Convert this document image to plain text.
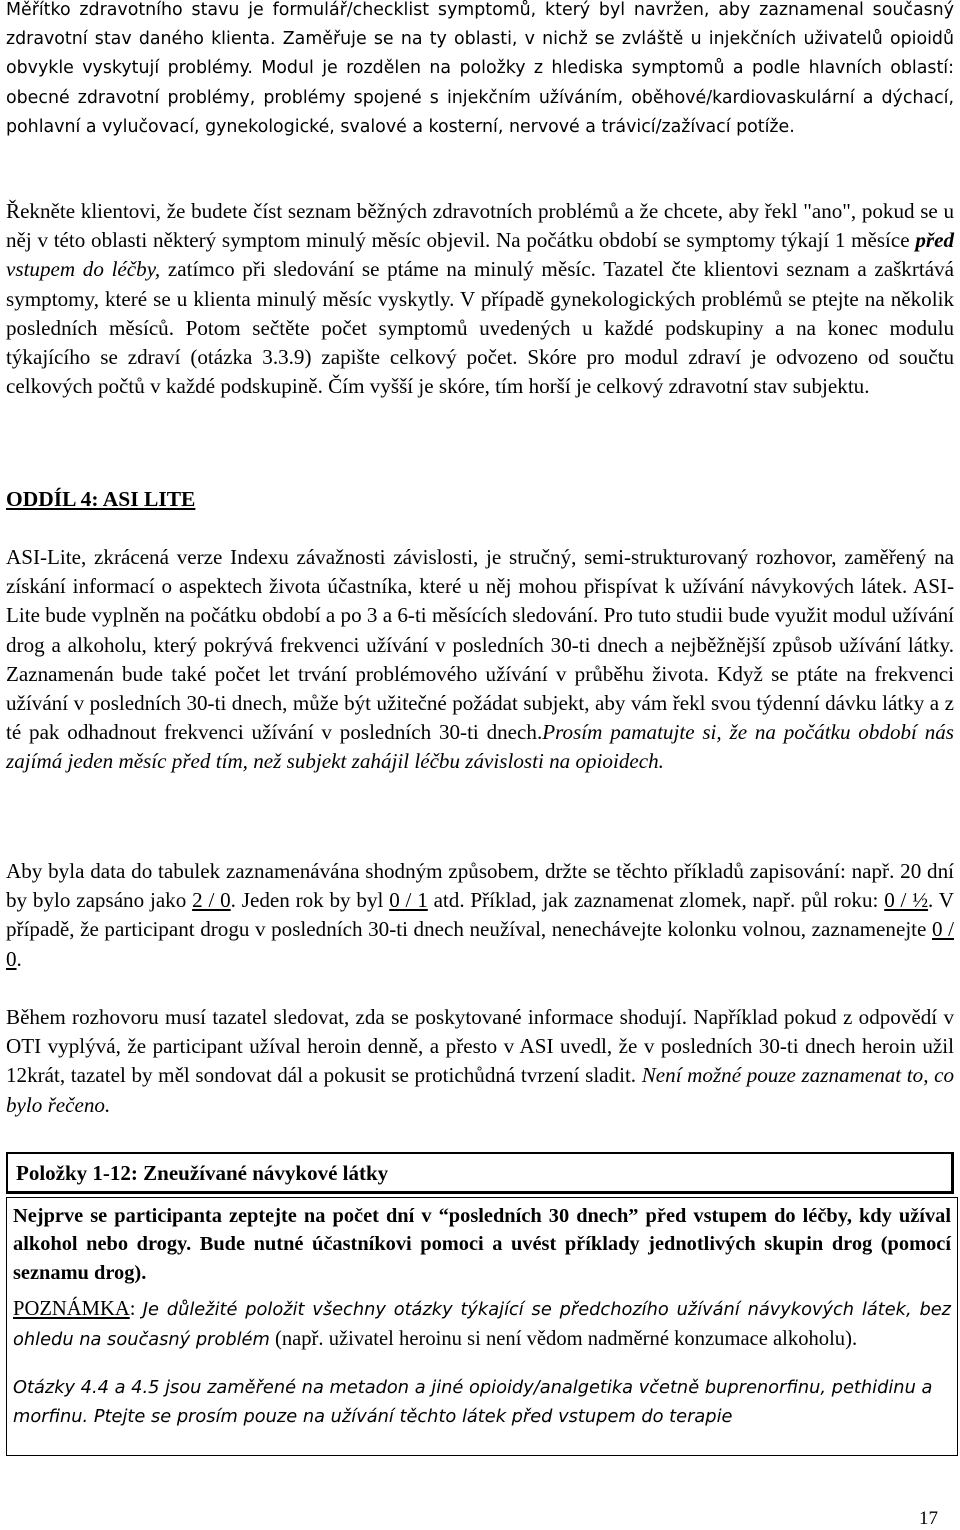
Měřítko zdravotního stavu je formulář/checklist symptomů, který byl navržen, aby zaznamenal současný zdravotní stav daného klienta. Zaměřuje se na ty oblasti, v nichž se zvláště u injekčních uživatelů opioidů obvykle vyskytují problémy. Modul je rozdělen na položky z hlediska symptomů a podle hlavních oblastí: obecné zdravotní problémy, problémy spojené s injekčním užíváním, oběhové/kardiovaskulární a dýchací, pohlavní a vylučovací, gynekologické, svalové a kosterní, nervové a trávicí/zažívací potíže.
Řekněte klientovi, že budete číst seznam běžných zdravotních problémů a že chcete, aby řekl "ano", pokud se u něj v této oblasti některý symptom minulý měsíc objevil. Na počátku období se symptomy týkají 1 měsíce před vstupem do léčby, zatímco při sledování se ptáme na minulý měsíc. Tazatel čte klientovi seznam a zaškrtává symptomy, které se u klienta minulý měsíc vyskytly. V případě gynekologických problémů se ptejte na několik posledních měsíců. Potom sečtěte počet symptomů uvedených u každé podskupiny a na konec modulu týkajícího se zdraví (otázka 3.3.9) zapište celkový počet. Skóre pro modul zdraví je odvozeno od součtu celkových počtů v každé podskupině. Čím vyšší je skóre, tím horší je celkový zdravotní stav subjektu.
ODDÍL 4: ASI LITE
ASI-Lite, zkrácená verze Indexu závažnosti závislosti, je stručný, semi-strukturovaný rozhovor, zaměřený na získání informací o aspektech života účastníka, které u něj mohou přispívat k užívání návykových látek. ASI-Lite bude vyplněn na počátku období a po 3 a 6-ti měsících sledování. Pro tuto studii bude využit modul užívání drog a alkoholu, který pokrývá frekvenci užívání v posledních 30-ti dnech a nejběžnější způsob užívání látky. Zaznamenán bude také počet let trvání problémového užívání v průběhu života. Když se ptáte na frekvenci užívání v posledních 30-ti dnech, může být užitečné požádat subjekt, aby vám řekl svou týdenní dávku látky a z té pak odhadnout frekvenci užívání v posledních 30-ti dnech.Prosím pamatujte si, že na počátku období nás zajímá jeden měsíc před tím, než subjekt zahájil léčbu závislosti na opioidech.
Aby byla data do tabulek zaznamenávána shodným způsobem, držte se těchto příkladů zapisování: např. 20 dní by bylo zapsáno jako 2 / 0. Jeden rok by byl 0 / 1 atd. Příklad, jak zaznamenat zlomek, např. půl roku: 0 / ½. V případě, že participant drogu v posledních 30-ti dnech neužíval, nenechávejte kolonku volnou, zaznamenejte 0 / 0.
Během rozhovoru musí tazatel sledovat, zda se poskytované informace shodují. Například pokud z odpovědí v OTI vyplývá, že participant užíval heroin denně, a přesto v ASI uvedl, že v posledních 30-ti dnech heroin užil 12krát, tazatel by měl sondovat dál a pokusit se protichůdná tvrzení sladit. Není možné pouze zaznamenat to, co bylo řečeno.
Položky 1-12: Zneužívané návykové látky

Nejprve se participanta zeptejte na počet dní v “posledních 30 dnech” před vstupem do léčby, kdy užíval alkohol nebo drogy. Bude nutné účastníkovi pomoci a uvést příklady jednotlivých skupin drog (pomocí seznamu drog).

POZNÁMKA: Je důležité položit všechny otázky týkající se předchozího užívání návykových látek, bez ohledu na současný problém (např. uživatel heroinu si není vědom nadměrné konzumace alkoholu).

Otázky 4.4 a 4.5 jsou zaměřené na metadon a jiné opioidy/analgetika včetně buprenorfinu, pethidinu a morfinu. Ptejte se prosím pouze na užívání těchto látek před vstupem do terapie

17
